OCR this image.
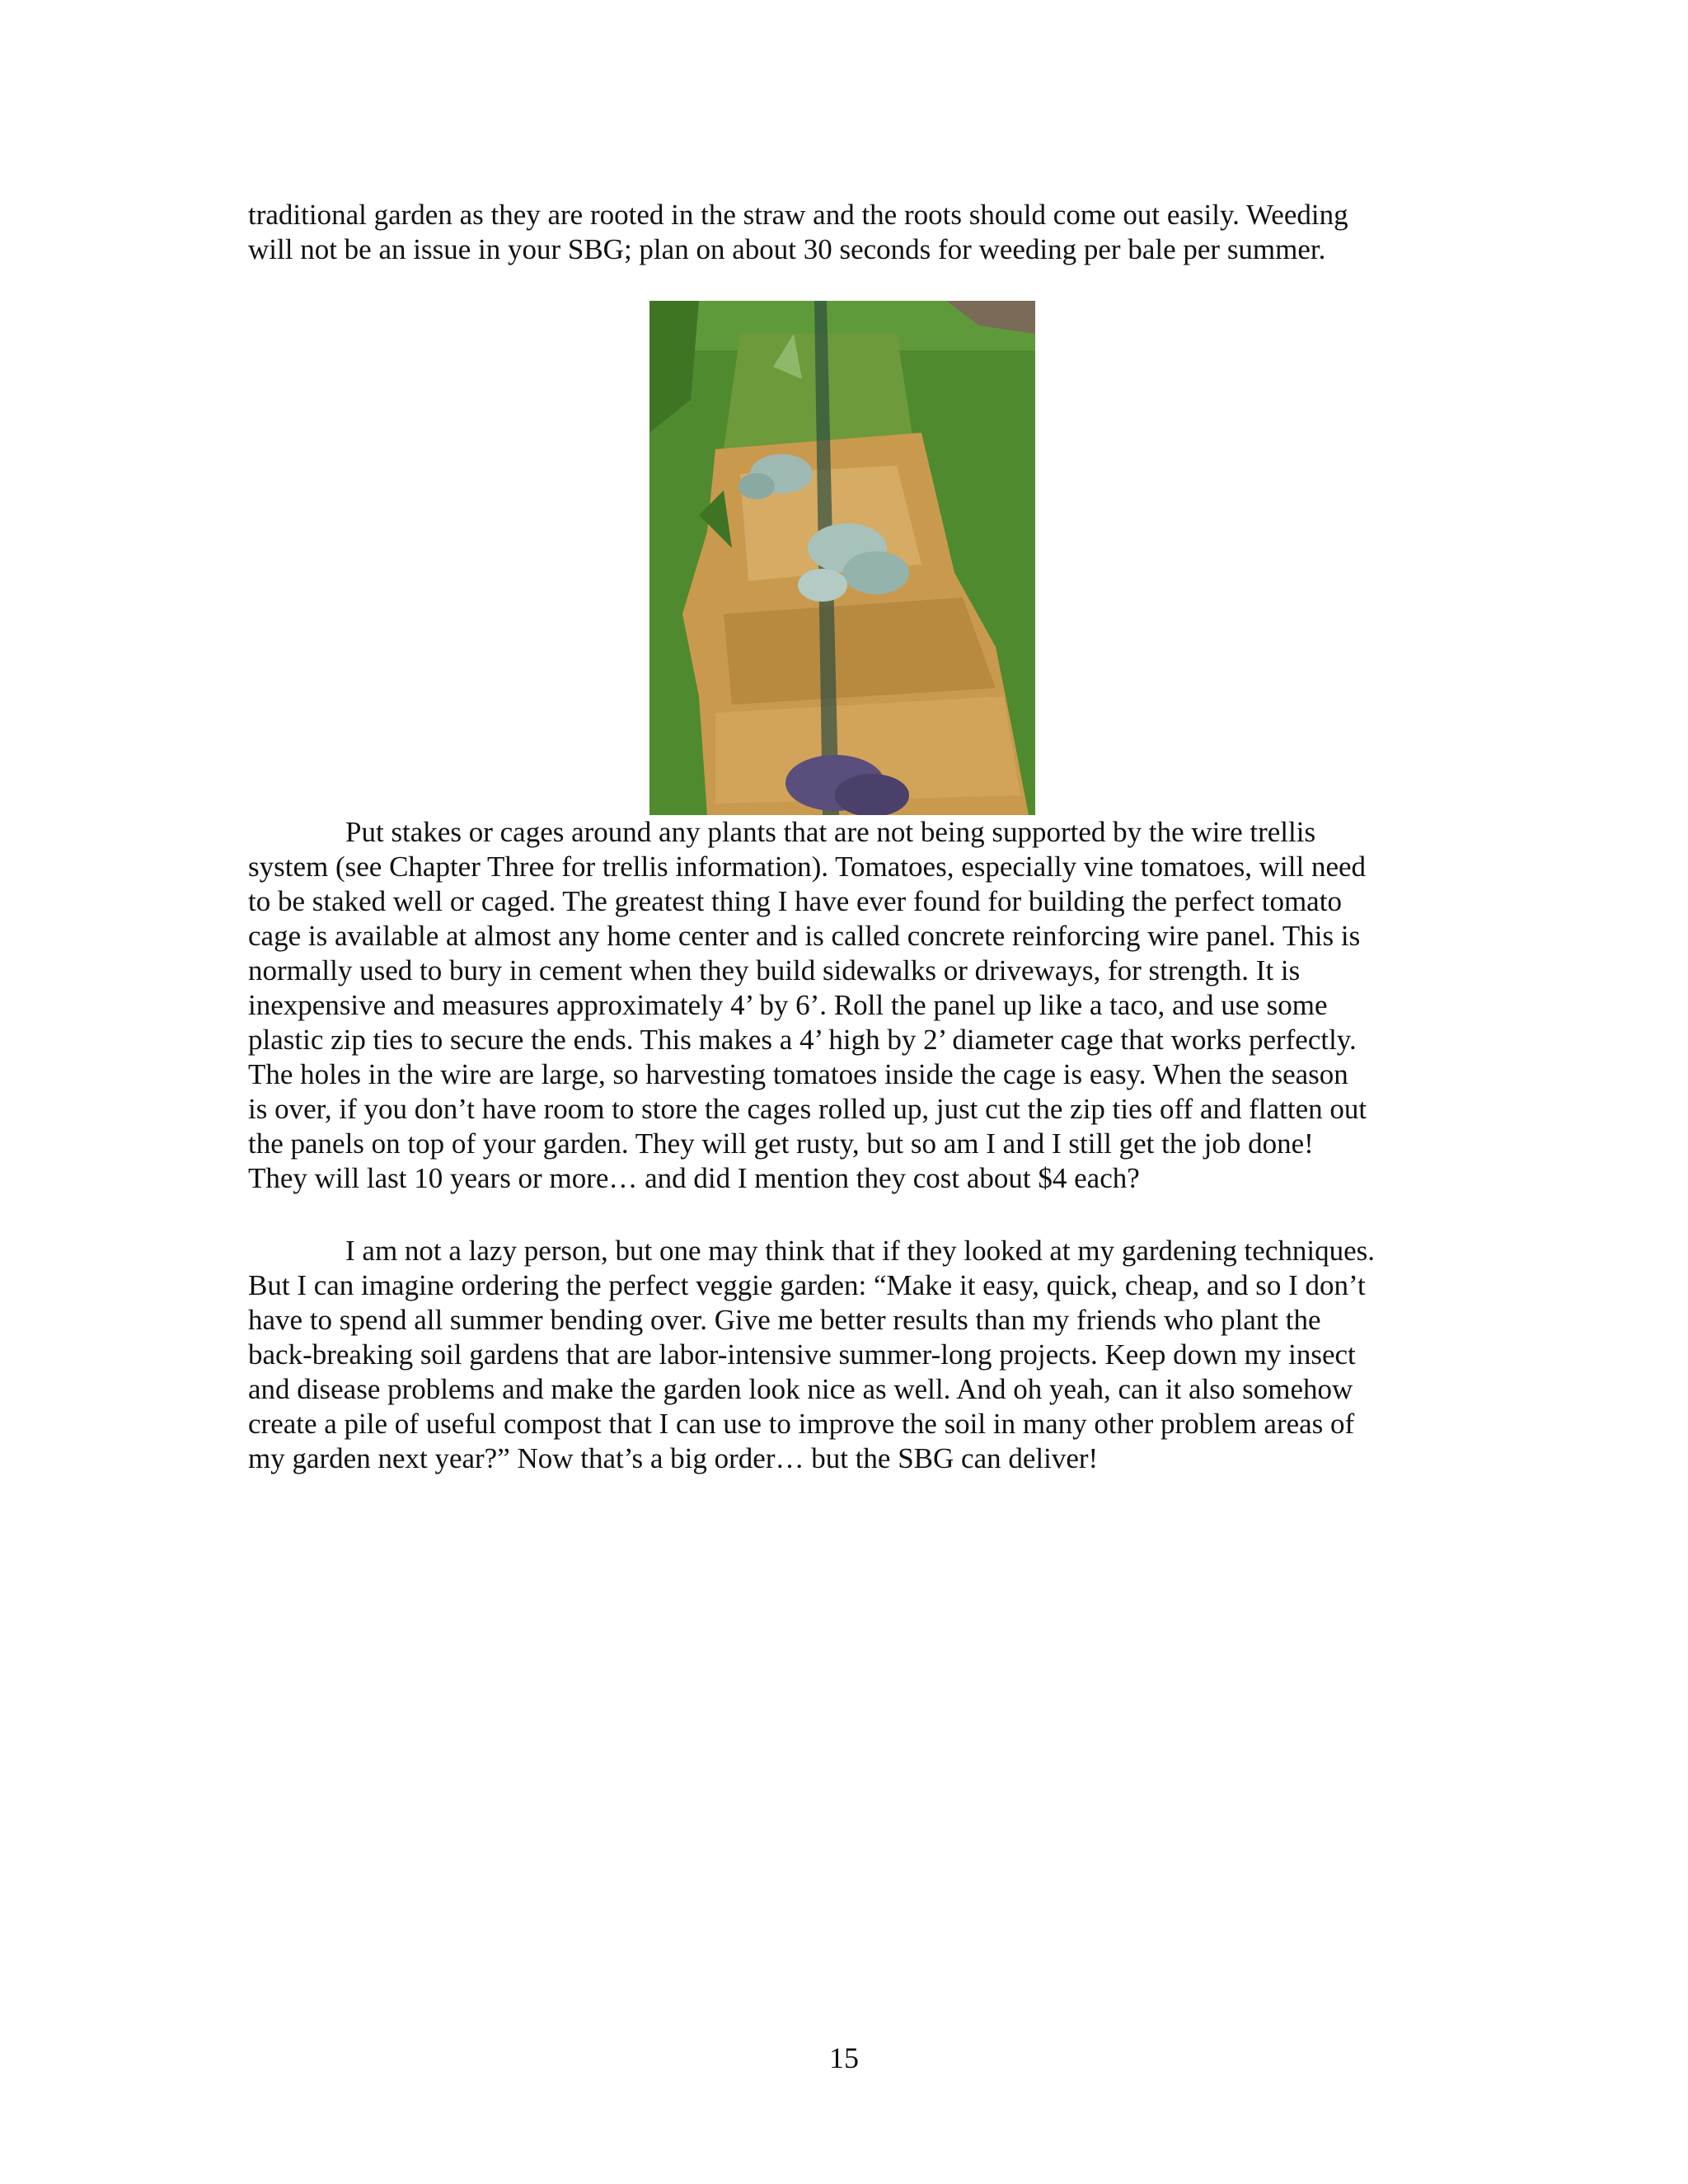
traditional garden as they are rooted in the straw and the roots should come out easily. Weeding
will not be an issue in your SBG; plan on about 30 seconds for weeding per bale per summer.
Put stakes or cages around any plants that are not being supported by the wire trellis
system (see Chapter Three for trellis information). Tomatoes, especially vine tomatoes, will need
to be staked well or caged. The greatest thing I have ever found for building the perfect tomato
cage is available at almost any home center and is called concrete reinforcing wire panel. This is
normally used to bury in cement when they build sidewalks or driveways, for strength. It is
inexpensive and measures approximately 4’ by 6’. Roll the panel up like a taco, and use some
plastic zip ties to secure the ends. This makes a 4’ high by 2’ diameter cage that works perfectly.
The holes in the wire are large, so harvesting tomatoes inside the cage is easy. When the season
is over, if you don’t have room to store the cages rolled up, just cut the zip ties off and flatten out
the panels on top of your garden. They will get rusty, but so am I and I still get the job done!
They will last 10 years or more… and did I mention they cost about $4 each?
I am not a lazy person, but one may think that if they looked at my gardening techniques.
But I can imagine ordering the perfect veggie garden: “Make it easy, quick, cheap, and so I don’t
have to spend all summer bending over. Give me better results than my friends who plant the
back-breaking soil gardens that are labor-intensive summer-long projects. Keep down my insect
and disease problems and make the garden look nice as well. And oh yeah, can it also somehow
create a pile of useful compost that I can use to improve the soil in many other problem areas of
my garden next year?” Now that’s a big order… but the SBG can deliver!
15
